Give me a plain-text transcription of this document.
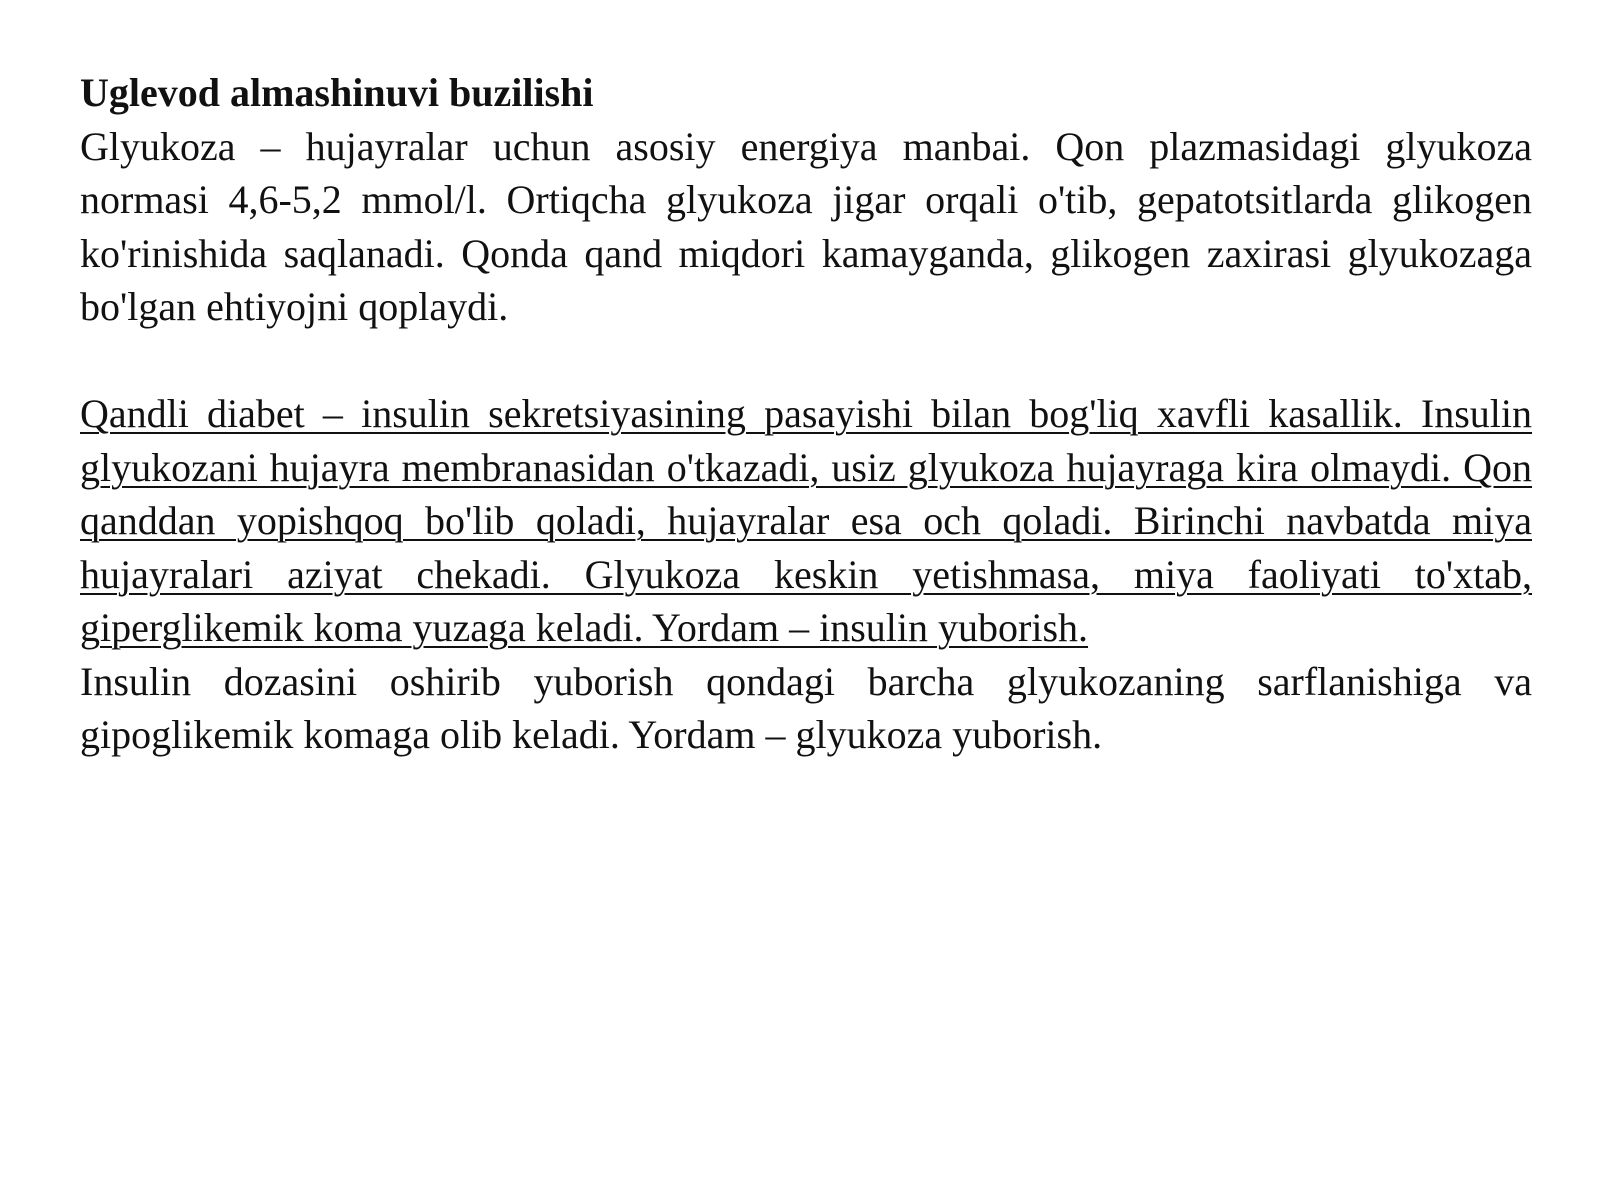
Uglevod almashinuvi buzilishi

Glyukoza – hujayralar uchun asosiy energiya manbai. Qon plazmasidagi glyukoza normasi 4,6-5,2 mmol/l. Ortiqcha glyukoza jigar orqali o'tib, gepatotsitlarda glikogen ko'rinishida saqlanadi. Qonda qand miqdori kamayganda, glikogen zaxirasi glyukozaga bo'lgan ehtiyojni qoplaydi.

Qandli diabet – insulin sekretsiyasining pasayishi bilan bog'liq xavfli kasallik. Insulin glyukozani hujayra membranasidan o'tkazadi, usiz glyukoza hujayraga kira olmaydi. Qon qanddan yopishqoq bo'lib qoladi, hujayralar esa och qoladi. Birinchi navbatda miya hujayralari aziyat chekadi. Glyukoza keskin yetishmasa, miya faoliyati to'xtab, giperglikemik koma yuzaga keladi. Yordam – insulin yuborish.

Insulin dozasini oshirib yuborish qondagi barcha glyukozaning sarflanishiga va gipoglikemik komaga olib keladi. Yordam – glyukoza yuborish.
